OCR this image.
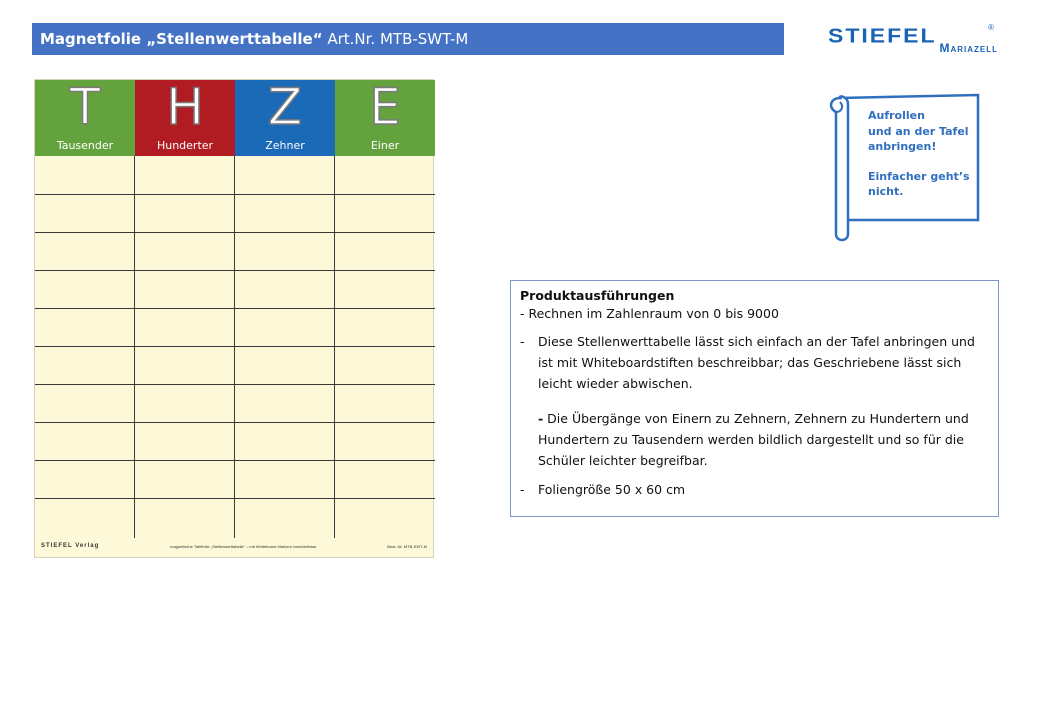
Magnetfolie „Stellenwerttabelle“ Art.Nr. MTB-SWT-M	STIEFEL	®
Mariazell
T
Tausender
H
Hunderter
Z
Zehner
E
Einer
STIEFEL Verlag	magnetische Tafelfolie „Stellenwerttabelle“ – mit Whiteboard Markern beschreibbar	Best.-Nr. MTB-SWT-M
Aufrollen
und an der Tafel
anbringen!
Einfacher geht’s
nicht.
Produktausführungen
- Rechnen im Zahlenraum von 0 bis 9000
-	Diese Stellenwerttabelle lässt sich einfach an der Tafel anbringen und ist mit Whiteboardstiften beschreibbar; das Geschriebene lässt sich leicht wieder abwischen.
- Die Übergänge von Einern zu Zehnern, Zehnern zu Hundertern und Hundertern zu Tausendern werden bildlich dargestellt und so für die Schüler leichter begreifbar.
-	Foliengröße 50 x 60 cm
